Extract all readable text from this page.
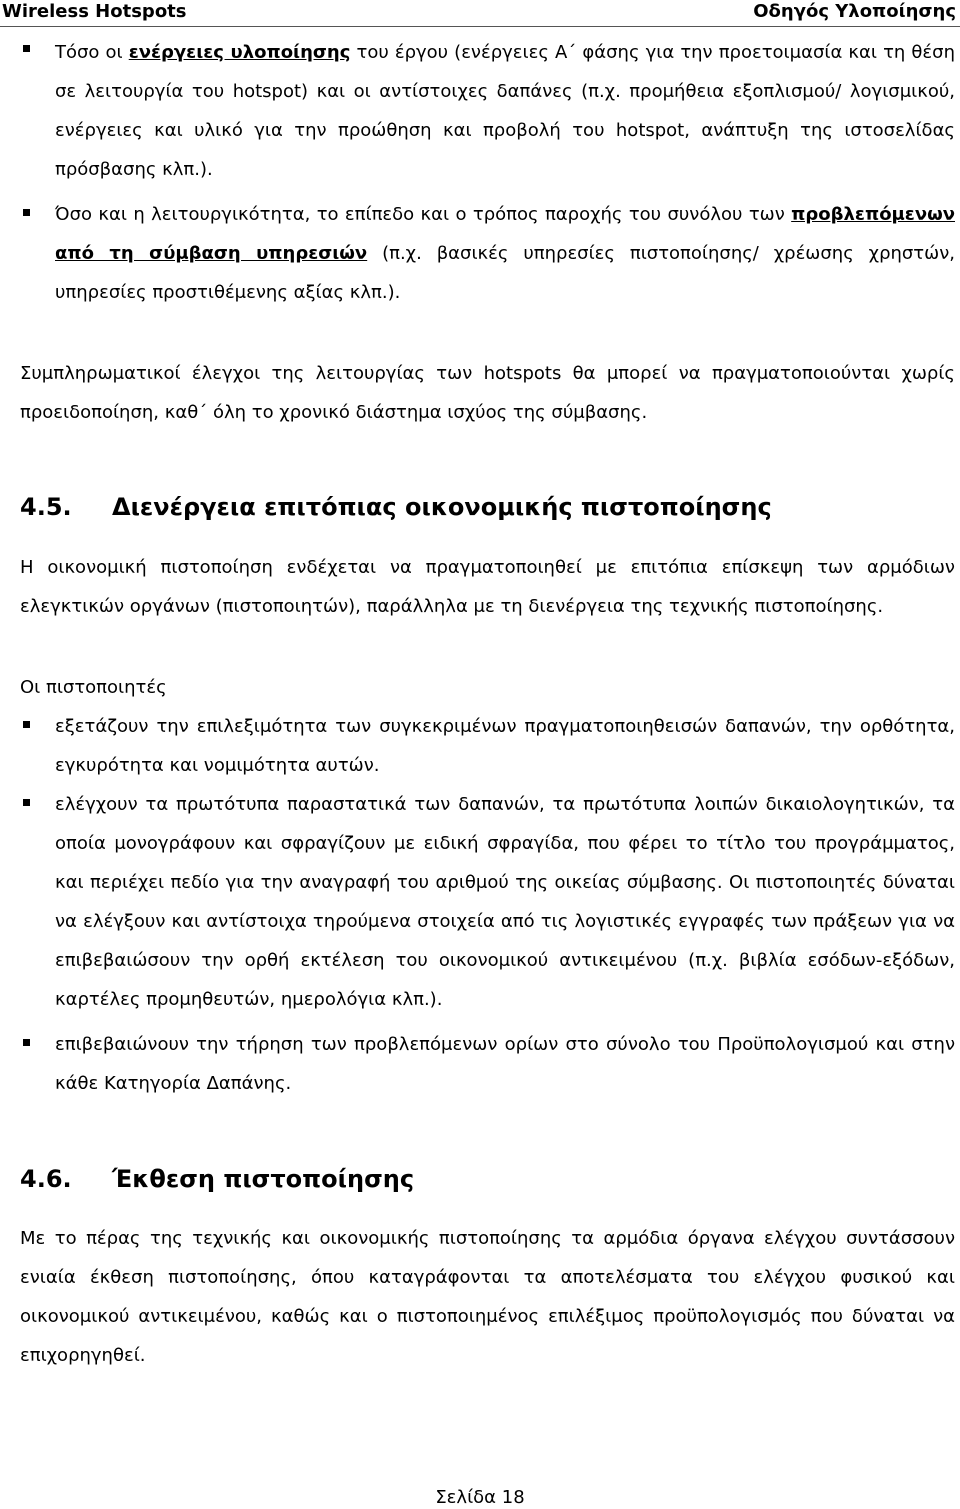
Wireless Hotspots	Οδηγός Υλοποίησης
Τόσο οι ενέργειες υλοποίησης του έργου (ενέργειες Α΄ φάσης για την προετοιμασία και τη θέση σε λειτουργία του hotspot) και οι αντίστοιχες δαπάνες (π.χ. προμήθεια εξοπλισμού/ λογισμικού, ενέργειες και υλικό για την προώθηση και προβολή του hotspot, ανάπτυξη της ιστοσελίδας πρόσβασης κλπ.).
Όσο και η λειτουργικότητα, το επίπεδο και ο τρόπος παροχής του συνόλου των προβλεπόμενων από τη σύμβαση υπηρεσιών (π.χ. βασικές υπηρεσίες πιστοποίησης/ χρέωσης χρηστών, υπηρεσίες προστιθέμενης αξίας κλπ.).
Συμπληρωματικοί έλεγχοι της λειτουργίας των hotspots θα μπορεί να πραγματοποιούνται χωρίς προειδοποίηση, καθ΄ όλη το χρονικό διάστημα ισχύος της σύμβασης.
4.5. Διενέργεια επιτόπιας οικονομικής πιστοποίησης
Η οικονομική πιστοποίηση ενδέχεται να πραγματοποιηθεί με επιτόπια επίσκεψη των αρμόδιων ελεγκτικών οργάνων (πιστοποιητών), παράλληλα με τη διενέργεια της τεχνικής πιστοποίησης.
Οι πιστοποιητές
εξετάζουν την επιλεξιμότητα των συγκεκριμένων πραγματοποιηθεισών δαπανών, την ορθότητα, εγκυρότητα και νομιμότητα αυτών.
ελέγχουν τα πρωτότυπα παραστατικά των δαπανών, τα πρωτότυπα λοιπών δικαιολογητικών, τα οποία μονογράφουν και σφραγίζουν με ειδική σφραγίδα, που φέρει το τίτλο του προγράμματος, και περιέχει πεδίο για την αναγραφή του αριθμού της οικείας σύμβασης. Οι πιστοποιητές δύναται να ελέγξουν και αντίστοιχα τηρούμενα στοιχεία από τις λογιστικές εγγραφές των πράξεων για να επιβεβαιώσουν την ορθή εκτέλεση του οικονομικού αντικειμένου (π.χ. βιβλία εσόδων-εξόδων, καρτέλες προμηθευτών, ημερολόγια κλπ.).
επιβεβαιώνουν την τήρηση των προβλεπόμενων ορίων στο σύνολο του Προϋπολογισμού και στην κάθε Κατηγορία Δαπάνης.
4.6. Έκθεση πιστοποίησης
Με το πέρας της τεχνικής και οικονομικής πιστοποίησης τα αρμόδια όργανα ελέγχου συντάσσουν ενιαία έκθεση πιστοποίησης, όπου καταγράφονται τα αποτελέσματα του ελέγχου φυσικού και οικονομικού αντικειμένου, καθώς και ο πιστοποιημένος επιλέξιμος προϋπολογισμός που δύναται να επιχορηγηθεί.
Σελίδα 18
